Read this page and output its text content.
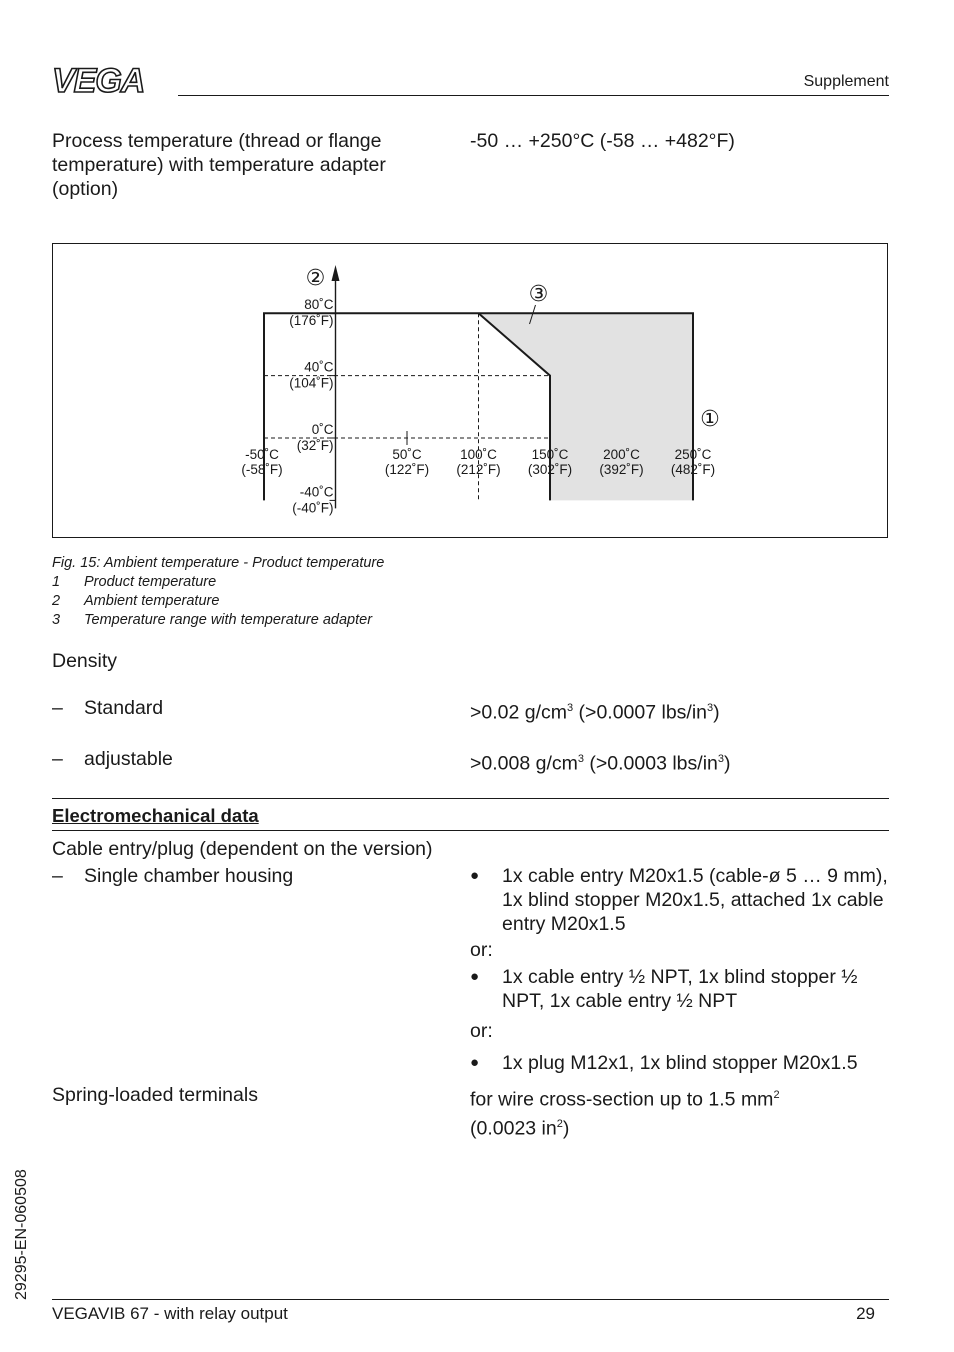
VEGA	Supplement
Process temperature (thread or flange temperature) with temperature adapter (option)
-50 … +250°C (-58 … +482°F)
80˚C
(176˚F)
40˚C
(104˚F)
0˚C
(32˚F)
-40˚C
(-40˚F)
-50˚C
(-58˚F)
50˚C
(122˚F)
100˚C
(212˚F)
150˚C
(302˚F)
200˚C
(392˚F)
250˚C
(482˚F)
②
①
③
Fig. 15: Ambient temperature - Product temperature
1 Product temperature
2 Ambient temperature
3 Temperature range with temperature adapter
Density
– Standard	>0.02 $g/cm^3$ (>0.0007 lbs/$in^3$)
– adjustable	>0.008 $g/cm^3$ (>0.0003 lbs/$in^3$)
Electromechanical data
Cable entry/plug (dependent on the version)
– Single chamber housing
●	1x cable entry M20x1.5 (cable-ø 5 … 9 mm), 1x blind stopper M20x1.5, attached 1x cable entry M20x1.5
or:
● 1x cable entry ½ NPT, 1x blind stopper ½ NPT, 1x cable entry ½ NPT
or:
● 1x plug M12x1, 1x blind stopper M20x1.5
Spring-loaded terminals	for wire cross-section up to 1.5 $mm^2$
(0.0023 $in^2$)
29295-EN-060508
VEGAVIB 67 - with relay output	29
